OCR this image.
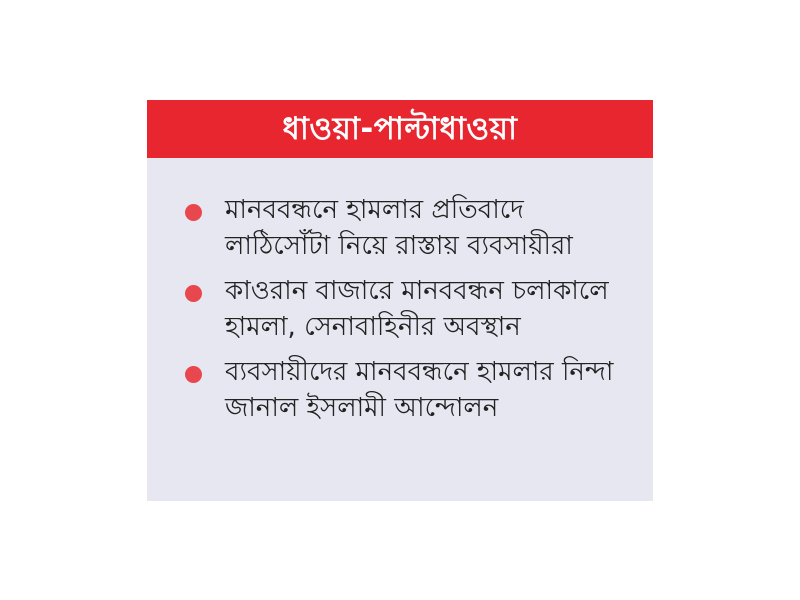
ধাওয়া-পাল্টাধাওয়া
মানববন্ধনে হামলার প্রতিবাদে লাঠিসোঁটা নিয়ে রাস্তায় ব্যবসায়ীরা
কাওরান বাজারে মানববন্ধন চলাকালে হামলা, সেনাবাহিনীর অবস্থান
ব্যবসায়ীদের মানববন্ধনে হামলার নিন্দা জানাল ইসলামী আন্দোলন
